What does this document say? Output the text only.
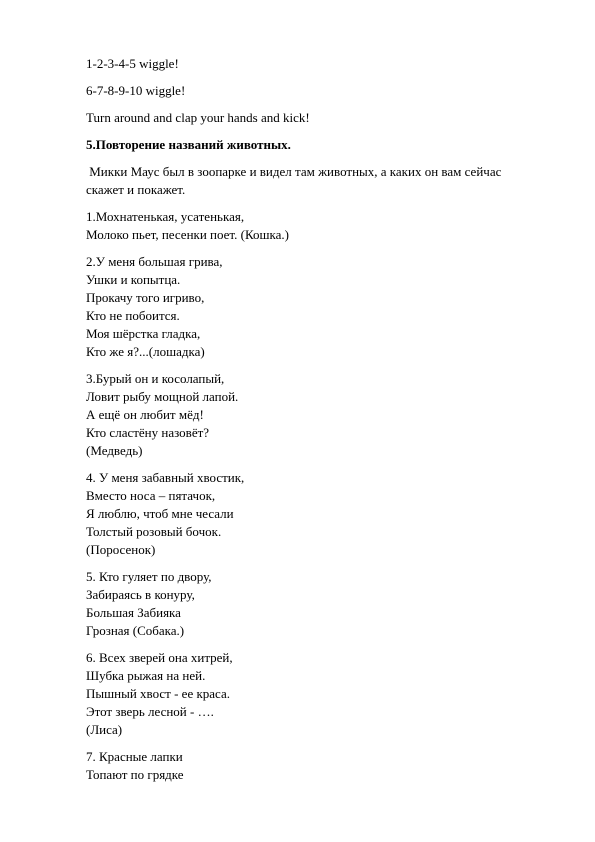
1-2-3-4-5 wiggle!
6-7-8-9-10 wiggle!
Turn around and clap your hands and kick!
5.Повторение названий животных.
Микки Маус был в зоопарке и видел там животных, а каких он вам сейчас скажет и покажет.
1.Мохнатенькая, усатенькая,
Молоко пьет, песенки поет. (Кошка.)
2.У меня большая грива,
Ушки и копытца.
Прокачу того игриво,
Кто не побоится.
Моя шёрстка гладка,
Кто же я?...(лошадка)
3.Бурый он и косолапый,
Ловит рыбу мощной лапой.
А ещё он любит мёд!
Кто сластёну назовёт?
(Медведь)
4. У меня забавный хвостик,
Вместо носа – пятачок,
Я люблю, чтоб мне чесали
Толстый розовый бочок.
(Поросенок)
5. Кто гуляет по двору,
Забираясь в конуру,
Большая Забияка
Грозная (Собака.)
6. Всех зверей она хитрей,
Шубка рыжая на ней.
Пышный хвост - ее краса.
Этот зверь лесной - ….
(Лиса)
7. Красные лапки
Топают по грядке
